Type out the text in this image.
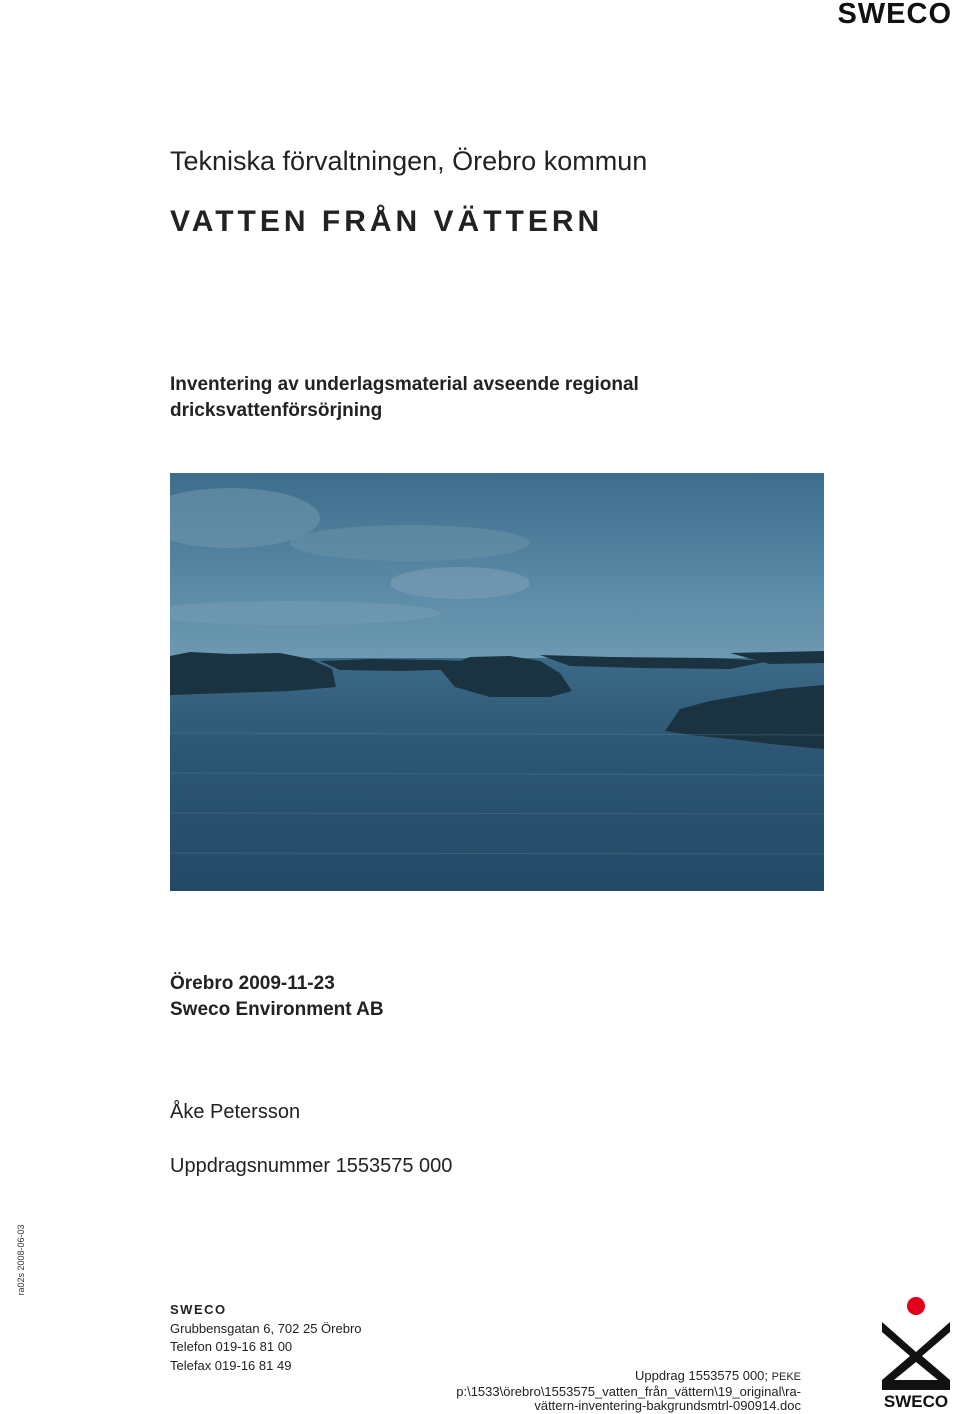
SWECO
Tekniska förvaltningen, Örebro kommun
VATTEN FRÅN VÄTTERN
Inventering av underlagsmaterial avseende regional
dricksvattenförsörjning
Örebro 2009-11-23
Sweco Environment AB
Åke Petersson
Uppdragsnummer 1553575 000
ra02s 2008-06-03
SWECO
Grubbensgatan 6, 702 25 Örebro
Telefon 019-16 81 00
Telefax 019-16 81 49
Uppdrag 1553575 000; PEKE
p:\1533\örebro\1553575_vatten_från_vättern\19_original\ra-
vättern-inventering-bakgrundsmtrl-090914.doc	SWECO
